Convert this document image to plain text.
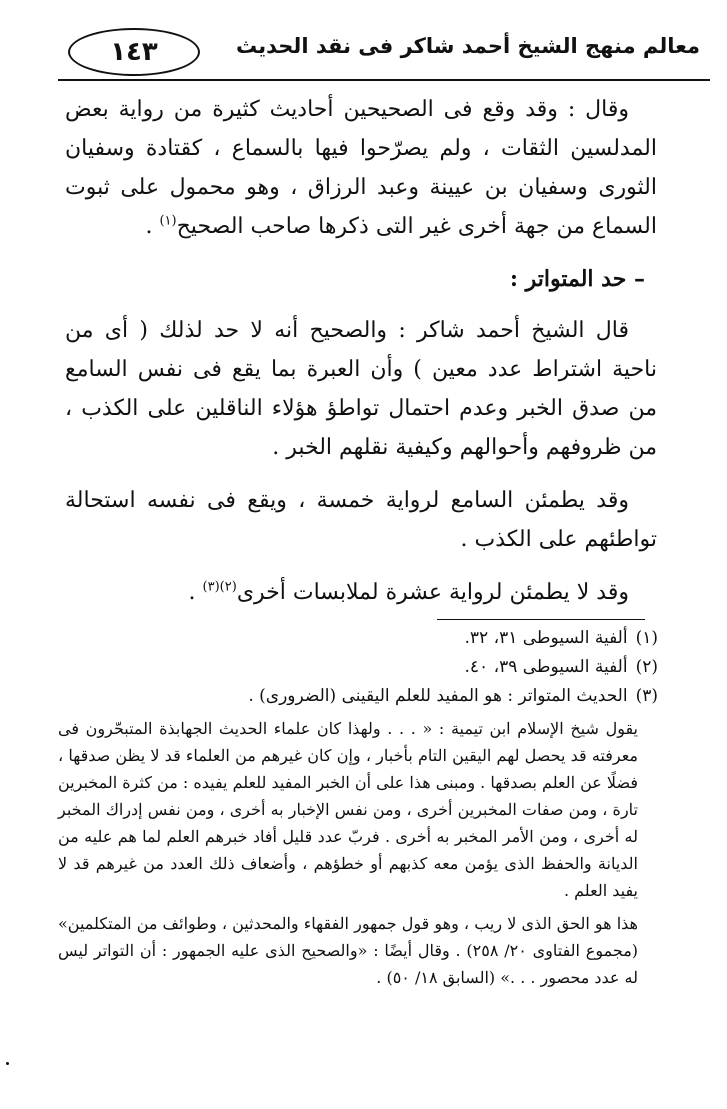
١٤٣	معالم منهج الشيخ أحمد شاكر فى نقد الحديث

وقال : وقد وقع فى الصحيحين أحاديث كثيرة من رواية بعض المدلسين الثقات ، ولم يصرّحوا فيها بالسماع ، كقتادة وسفيان الثورى وسفيان بن عيينة وعبد الرزاق ، وهو محمول على ثبوت السماع من جهة أخرى غير التى ذكرها صاحب الصحيح$^{(١)}$ .

– حد المتواتر :

قال الشيخ أحمد شاكر : والصحيح أنه لا حد لذلك ( أى من ناحية اشتراط عدد معين ) وأن العبرة بما يقع فى نفس السامع من صدق الخبر وعدم احتمال تواطؤ هؤلاء الناقلين على الكذب ، من ظروفهم وأحوالهم وكيفية نقلهم الخبر .

وقد يطمئن السامع لرواية خمسة ، ويقع فى نفسه استحالة تواطئهم على الكذب .

وقد لا يطمئن لرواية عشرة لملابسات أخرى$^{(٢)(٣)}$ .

(١)ألفية السيوطى ٣١، ٣٢.

(٢)ألفية السيوطى ٣٩، ٤٠.

(٣)الحديث المتواتر : هو المفيد للعلم اليقينى (الضرورى) .

يقول شيخ الإسلام ابن تيمية : « . . . ولهذا كان علماء الحديث الجهابذة المتبحّرون فى معرفته قد يحصل لهم اليقين التام بأخبار ، وإن كان غيرهم من العلماء قد لا يظن صدقها ، فضلًا عن العلم بصدقها . ومبنى هذا على أن الخبر المفيد للعلم يفيده : من كثرة المخبرين تارة ، ومن صفات المخبرين أخرى ، ومن نفس الإخبار به أخرى ، ومن نفس إدراك المخبر له أخرى ، ومن الأمر المخبر به أخرى . فربّ عدد قليل أفاد خبرهم العلم لما هم عليه من الديانة والحفظ الذى يؤمن معه كذبهم أو خطؤهم ، وأضعاف ذلك العدد من غيرهم قد لا يفيد العلم .

هذا هو الحق الذى لا ريب ، وهو قول جمهور الفقهاء والمحدثين ، وطوائف من المتكلمين» (مجموع الفتاوى ٢٠/ ٢٥٨) . وقال أيضًا : «والصحيح الذى عليه الجمهور : أن التواتر ليس له عدد محصور . . .» (السابق ١٨/ ٥٠) .
